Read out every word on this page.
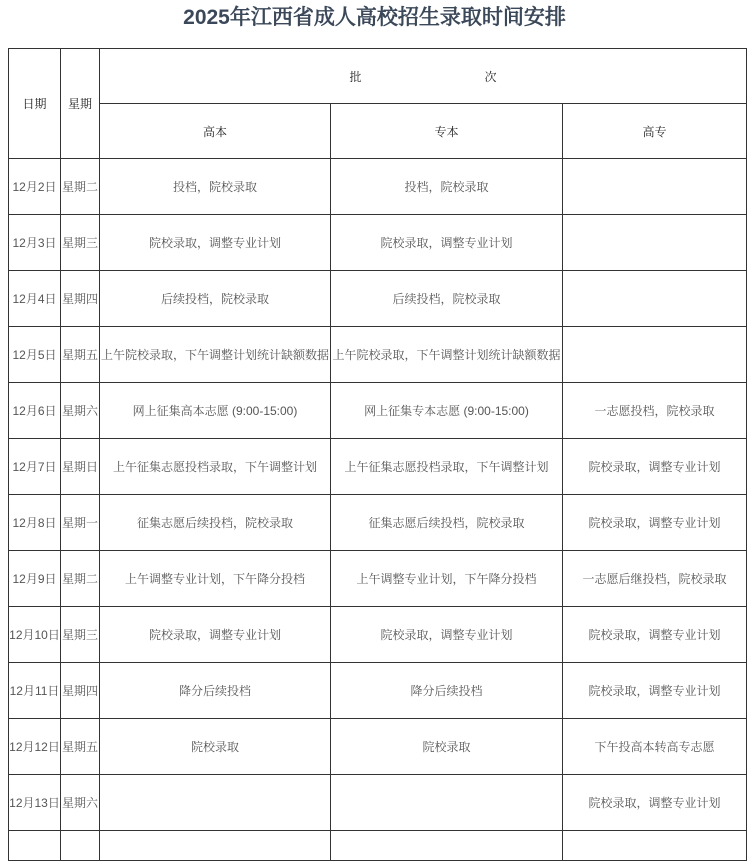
2025年江西省成人高校招生录取时间安排
日期	星期	批 次		

		高本	专本	高专
12月2日	星期二	投档，院校录取	投档，院校录取	
12月3日	星期三	院校录取，调整专业计划	院校录取，调整专业计划	
12月4日	星期四	后续投档，院校录取	后续投档，院校录取	
12月5日	星期五	上午院校录取，下午调整计划统计缺额数据	上午院校录取，下午调整计划统计缺额数据	
12月6日	星期六	网上征集高本志愿 (9:00-15:00)	网上征集专本志愿 (9:00-15:00)	一志愿投档，院校录取
12月7日	星期日	上午征集志愿投档录取，下午调整计划	上午征集志愿投档录取，下午调整计划	院校录取，调整专业计划
12月8日	星期一	征集志愿后续投档，院校录取	征集志愿后续投档，院校录取	院校录取，调整专业计划
12月9日	星期二	上午调整专业计划，下午降分投档	上午调整专业计划，下午降分投档	一志愿后继投档，院校录取
12月10日	星期三	院校录取，调整专业计划	院校录取，调整专业计划	院校录取，调整专业计划
12月11日	星期四	降分后续投档	降分后续投档	院校录取，调整专业计划
12月12日	星期五	院校录取	院校录取	下午投高本转高专志愿
12月13日	星期六			院校录取，调整专业计划
